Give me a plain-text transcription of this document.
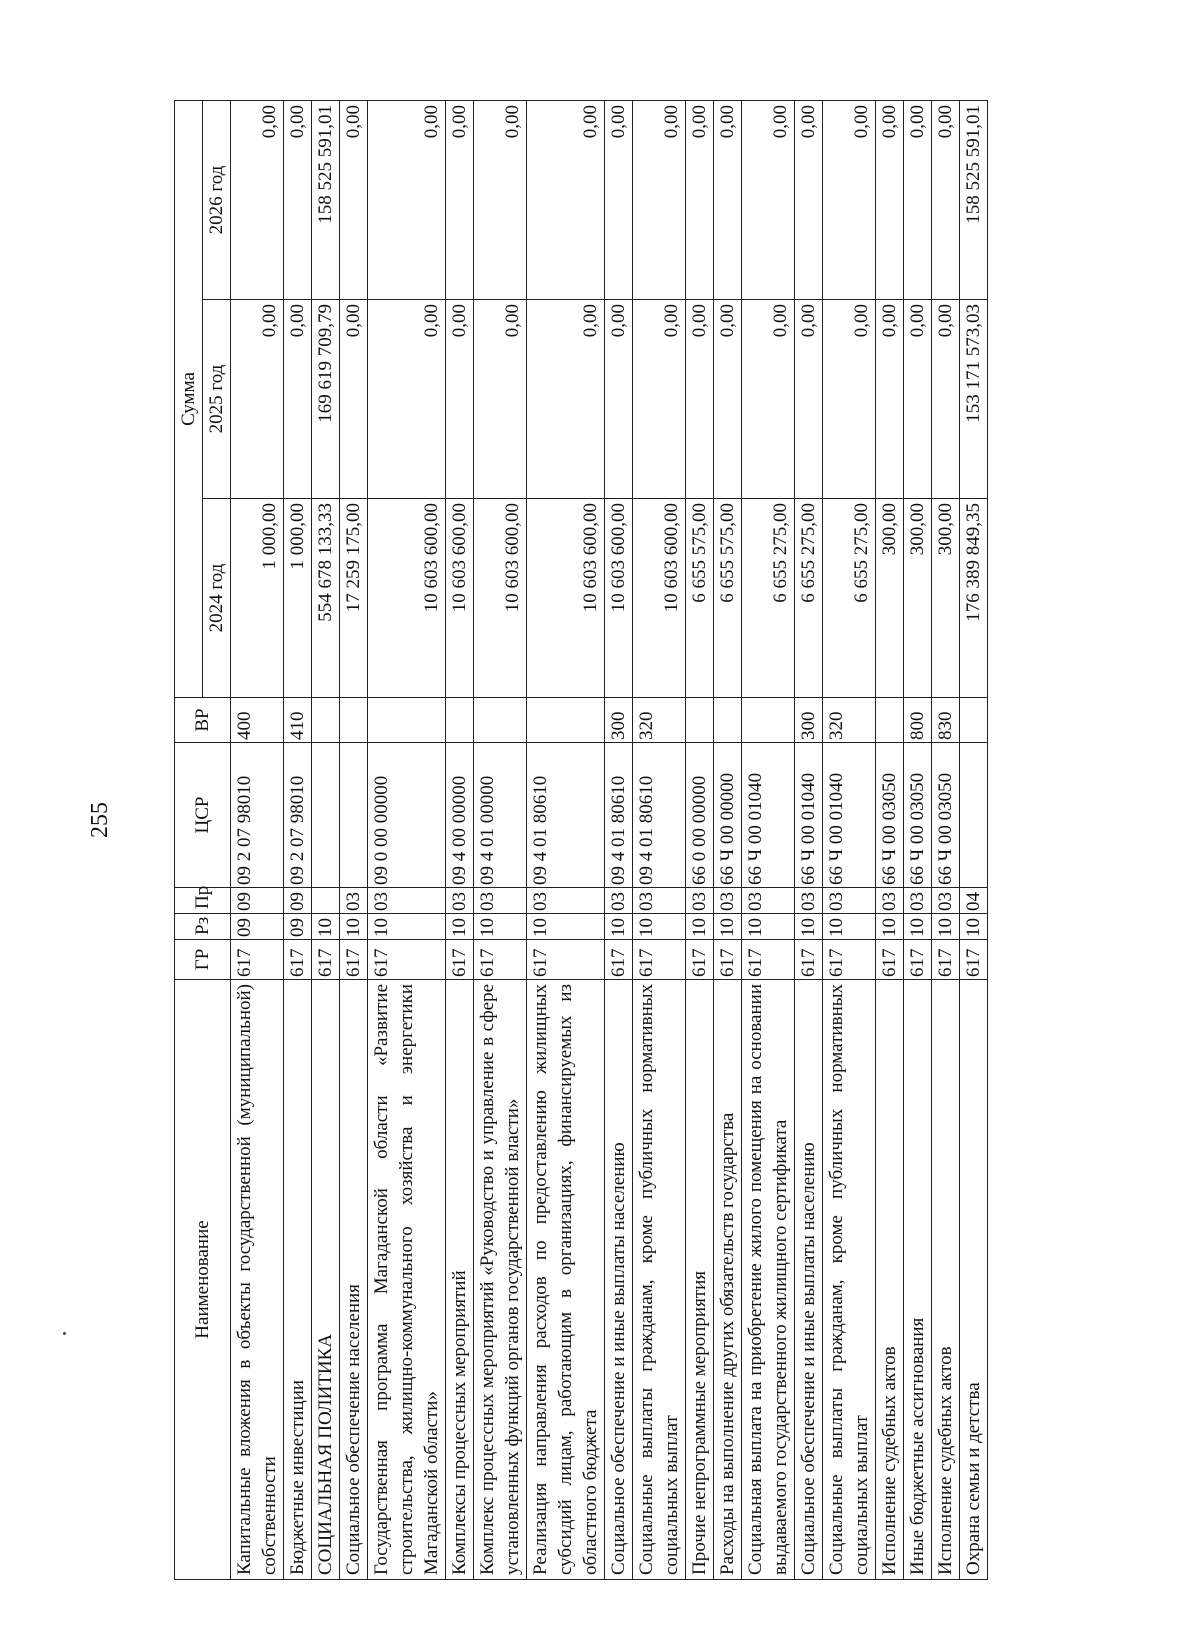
255
Наименование	ГР	Рз	Пр	ЦСР	ВР	Сумма		
						2024 год	2025 год	2026 год
Капитальные вложения в объекты государственной (муниципальной) собственности	617	09	09	09 2 07 98010	400	1 000,00	0,00	0,00
Бюджетные инвестиции	617	09	09	09 2 07 98010	410	1 000,00	0,00	0,00
СОЦИАЛЬНАЯ ПОЛИТИКА	617	10				554 678 133,33	169 619 709,79	158 525 591,01
Социальное обеспечение населения	617	10	03			17 259 175,00	0,00	0,00
Государственная программа Магаданской области «Развитие строительства, жилищно-коммунального хозяйства и энергетики Магаданской области»	617	10	03	09 0 00 00000		10 603 600,00	0,00	0,00
Комплексы процессных мероприятий	617	10	03	09 4 00 00000		10 603 600,00	0,00	0,00
Комплекс процессных мероприятий «Руководство и управление в сфере установленных функций органов государственной власти»	617	10	03	09 4 01 00000		10 603 600,00	0,00	0,00
Реализация направления расходов по предоставлению жилищных субсидий лицам, работающим в организациях, финансируемых из областного бюджета	617	10	03	09 4 01 80610		10 603 600,00	0,00	0,00
Социальное обеспечение и иные выплаты населению	617	10	03	09 4 01 80610	300	10 603 600,00	0,00	0,00
Социальные выплаты гражданам, кроме публичных нормативных социальных выплат	617	10	03	09 4 01 80610	320	10 603 600,00	0,00	0,00
Прочие непрограммные мероприятия	617	10	03	66 0 00 00000		6 655 575,00	0,00	0,00
Расходы на выполнение других обязательств государства	617	10	03	66 Ч 00 00000		6 655 575,00	0,00	0,00
Социальная выплата на приобретение жилого помещения на основании выдаваемого государственного жилищного сертификата	617	10	03	66 Ч 00 01040		6 655 275,00	0,00	0,00
Социальное обеспечение и иные выплаты населению	617	10	03	66 Ч 00 01040	300	6 655 275,00	0,00	0,00
Социальные выплаты гражданам, кроме публичных нормативных социальных выплат	617	10	03	66 Ч 00 01040	320	6 655 275,00	0,00	0,00
Исполнение судебных актов	617	10	03	66 Ч 00 03050		300,00	0,00	0,00
Иные бюджетные ассигнования	617	10	03	66 Ч 00 03050	800	300,00	0,00	0,00
Исполнение судебных актов	617	10	03	66 Ч 00 03050	830	300,00	0,00	0,00
Охрана семьи и детства	617	10	04			176 389 849,35	153 171 573,03	158 525 591,01
